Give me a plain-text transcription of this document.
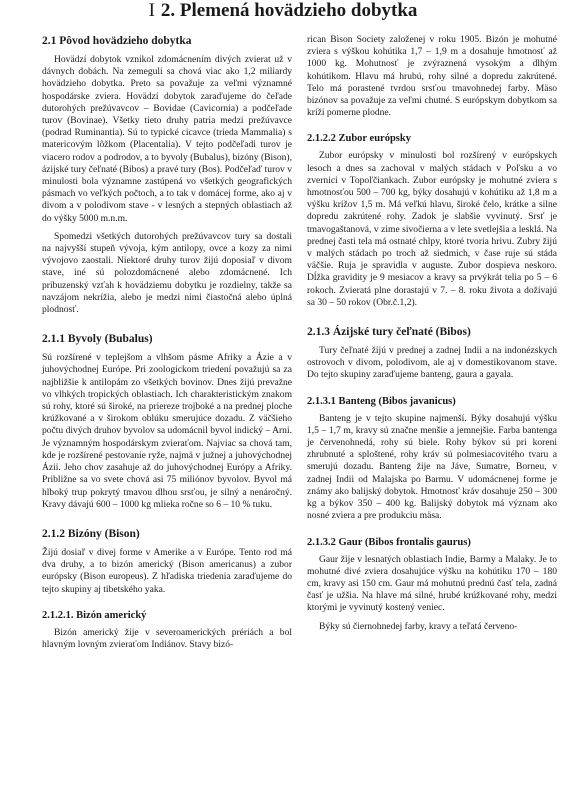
I 2. Plemená hovädzieho dobytka
2.1 Pôvod hovädzieho dobytka

Hovädzí dobytok vznikol zdomácnením divých zvierat už v dávnych dobách. Na zemeguli sa chová viac ako 1,2 miliardy hovädzieho dobytka. Preto sa považuje za veľmi významné hospodárske zviera. Hovädzí dobytok zaraďujeme do čeľade dutorohých prežúvavcov – Bovidae (Cavicornia) a podčeľade turov (Bovinae). Všetky tieto druhy patria medzi prežúvavce (podrad Ruminantia). Sú to typické cicavce (trieda Mammalia) s matericovým lôžkom (Placentalia). V tejto podčeľadi turov je viacero rodov a podrodov, a to byvoly (Bubalus), bizóny (Bison), ázijské tury čeľnaté (Bibos) a pravé tury (Bos). Podčeľaď turov v minulosti bola významne zastúpená vo všetkých geografických pásmach vo veľkých počtoch, a to tak v domácej forme, ako aj v divom a v polodivom stave - v lesných a stepných oblastiach až do výšky 5000 m.n.m.

Spomedzi všetkých dutorohých prežúvavcov tury sa dostali na najvyšší stupeň vývoja, kým antilopy, ovce a kozy za nimi vývojovo zaostali. Niektoré druhy turov žijú doposiaľ v divom stave, iné sú polozdomácnené alebo zdomácnené. Ich príbuzenský vzťah k hovädziemu dobytku je rozdielny, takže sa navzájom nekrížia, alebo je medzi nimi čiastočná alebo úplná plodnosť.

2.1.1 Byvoly (Bubalus)

Sú rozšírené v teplejšom a vlhšom pásme Afriky a Ázie a v juhovýchodnej Európe. Pri zoologickom triedení považujú sa za najbližšie k antilopám zo všetkých bovinov. Dnes žijú prevažne vo vlhkých tropických oblastiach. Ich charakteristickým znakom sú rohy, ktoré sú široké, na priereze trojboké a na prednej ploche krúžkované a v širokom oblúku smerujúce dozadu. Z väčšieho počtu divých druhov byvolov sa udomácnil byvol indický – Arni. Je významným hospodárskym zvieraťom. Najviac sa chová tam, kde je rozšírené pestovanie ryže, najmä v južnej a juhovýchodnej Ázii. Jeho chov zasahuje až do juhovýchodnej Európy a Afriky. Približne sa vo svete chová asi 75 miliónov byvolov. Byvol má hlboký trup pokrytý tmavou dlhou srsťou, je silný a nenáročný. Kravy dávajú 600 – 1000 kg mlieka ročne so 6 – 10 % tuku.

2.1.2 Bizóny (Bison)

Žijú dosiaľ v divej forme v Amerike a v Európe. Tento rod má dva druhy, a to bizón americký (Bison americanus) a zubor európsky (Bison europeus). Z hľadiska triedenia zaraďujeme do tejto skupiny aj tibetského yaka.

2.1.2.1. Bizón americký

Bizón americký žije v severoamerických prériách a bol hlavným lovným zvieraťom Indiánov. Stavy bizó-

rican Bison Society založenej v roku 1905. Bizón je mohutné zviera s výškou kohútika 1,7 – 1,9 m a dosahuje hmotnosť až 1000 kg. Mohutnosť je zvýraznená vysokým a dlhým kohútikom. Hlavu má hrubú, rohy silné a dopredu zakrútené. Telo má porastené tvrdou srsťou tmavohnedej farby. Mäso bizónov sa považuje za veľmi chutné. S európskym dobytkom sa kríži pomerne plodne.

2.1.2.2 Zubor európsky

Zubor európsky v minulosti bol rozšírený v európskych lesoch a dnes sa zachoval v malých stádach v Poľsku a vo zvernici v Topoľčiankach. Zubor európsky je mohutné zviera s hmotnosťou 500 – 700 kg, býky dosahujú v kohútiku až 1,8 m a výšku krížov 1,5 m. Má veľkú hlavu, široké čelo, krátke a silne dopredu zakrútené rohy. Zadok je slabšie vyvinutý. Srsť je tmavogaštanová, v zime sivočierna a v lete svetlejšia a lesklá. Na prednej časti tela má ostnaté chlpy, ktoré tvoria hrivu. Zubry žijú v malých stádach po troch až siedmich, v čase ruje sú stáda väčšie. Ruja je spravidla v auguste. Zubor dospieva neskoro. Dĺžka gravidity je 9 mesiacov a kravy sa prvýkrát telia po 5 – 6 rokoch. Zvieratá plne dorastajú v 7. – 8. roku života a dožívajú sa 30 – 50 rokov (Obr.č.1,2).

2.1.3 Ázijské tury čeľnaté (Bibos)

Tury čeľnaté žijú v prednej a zadnej Indii a na indonézskych ostrovoch v divom, polodivom, ale aj v domestikovanom stave. Do tejto skupiny zaraďujeme banteng, gaura a gayala.

2.1.3.1 Banteng (Bibos javanicus)

Banteng je v tejto skupine najmenší. Býky dosahujú výšku 1,5 – 1,7 m, kravy sú značne menšie a jemnejšie. Farba bantenga je červenohnedá, rohy sú biele. Rohy býkov sú pri koreni zhrubnuté a sploštené, rohy kráv sú polmesiacovitého tvaru a smerujú dozadu. Banteng žije na Jáve, Sumatre, Borneu, v zadnej Indii od Malajska po Barmu. V udomácnenej forme je známy ako balijský dobytok. Hmotnosť kráv dosahuje 250 – 300 kg a býkov 350 – 400 kg. Balijský dobytok má význam ako nosné zviera a pre produkciu mäsa.

2.1.3.2 Gaur (Bibos frontalis gaurus)

Gaur žije v lesnatých oblastiach Indie, Barmy a Malaky. Je to mohutné divé zviera dosahujúce výšku na kohútiku 170 – 180 cm, kravy asi 150 cm. Gaur má mohutnú prednú časť tela, zadná časť je užšia. Na hlave má silné, hrubé krúžkované rohy, medzi ktorými je vyvinutý kostený veniec.

Býky sú čiernohnedej farby, kravy a teľatá červeno-
